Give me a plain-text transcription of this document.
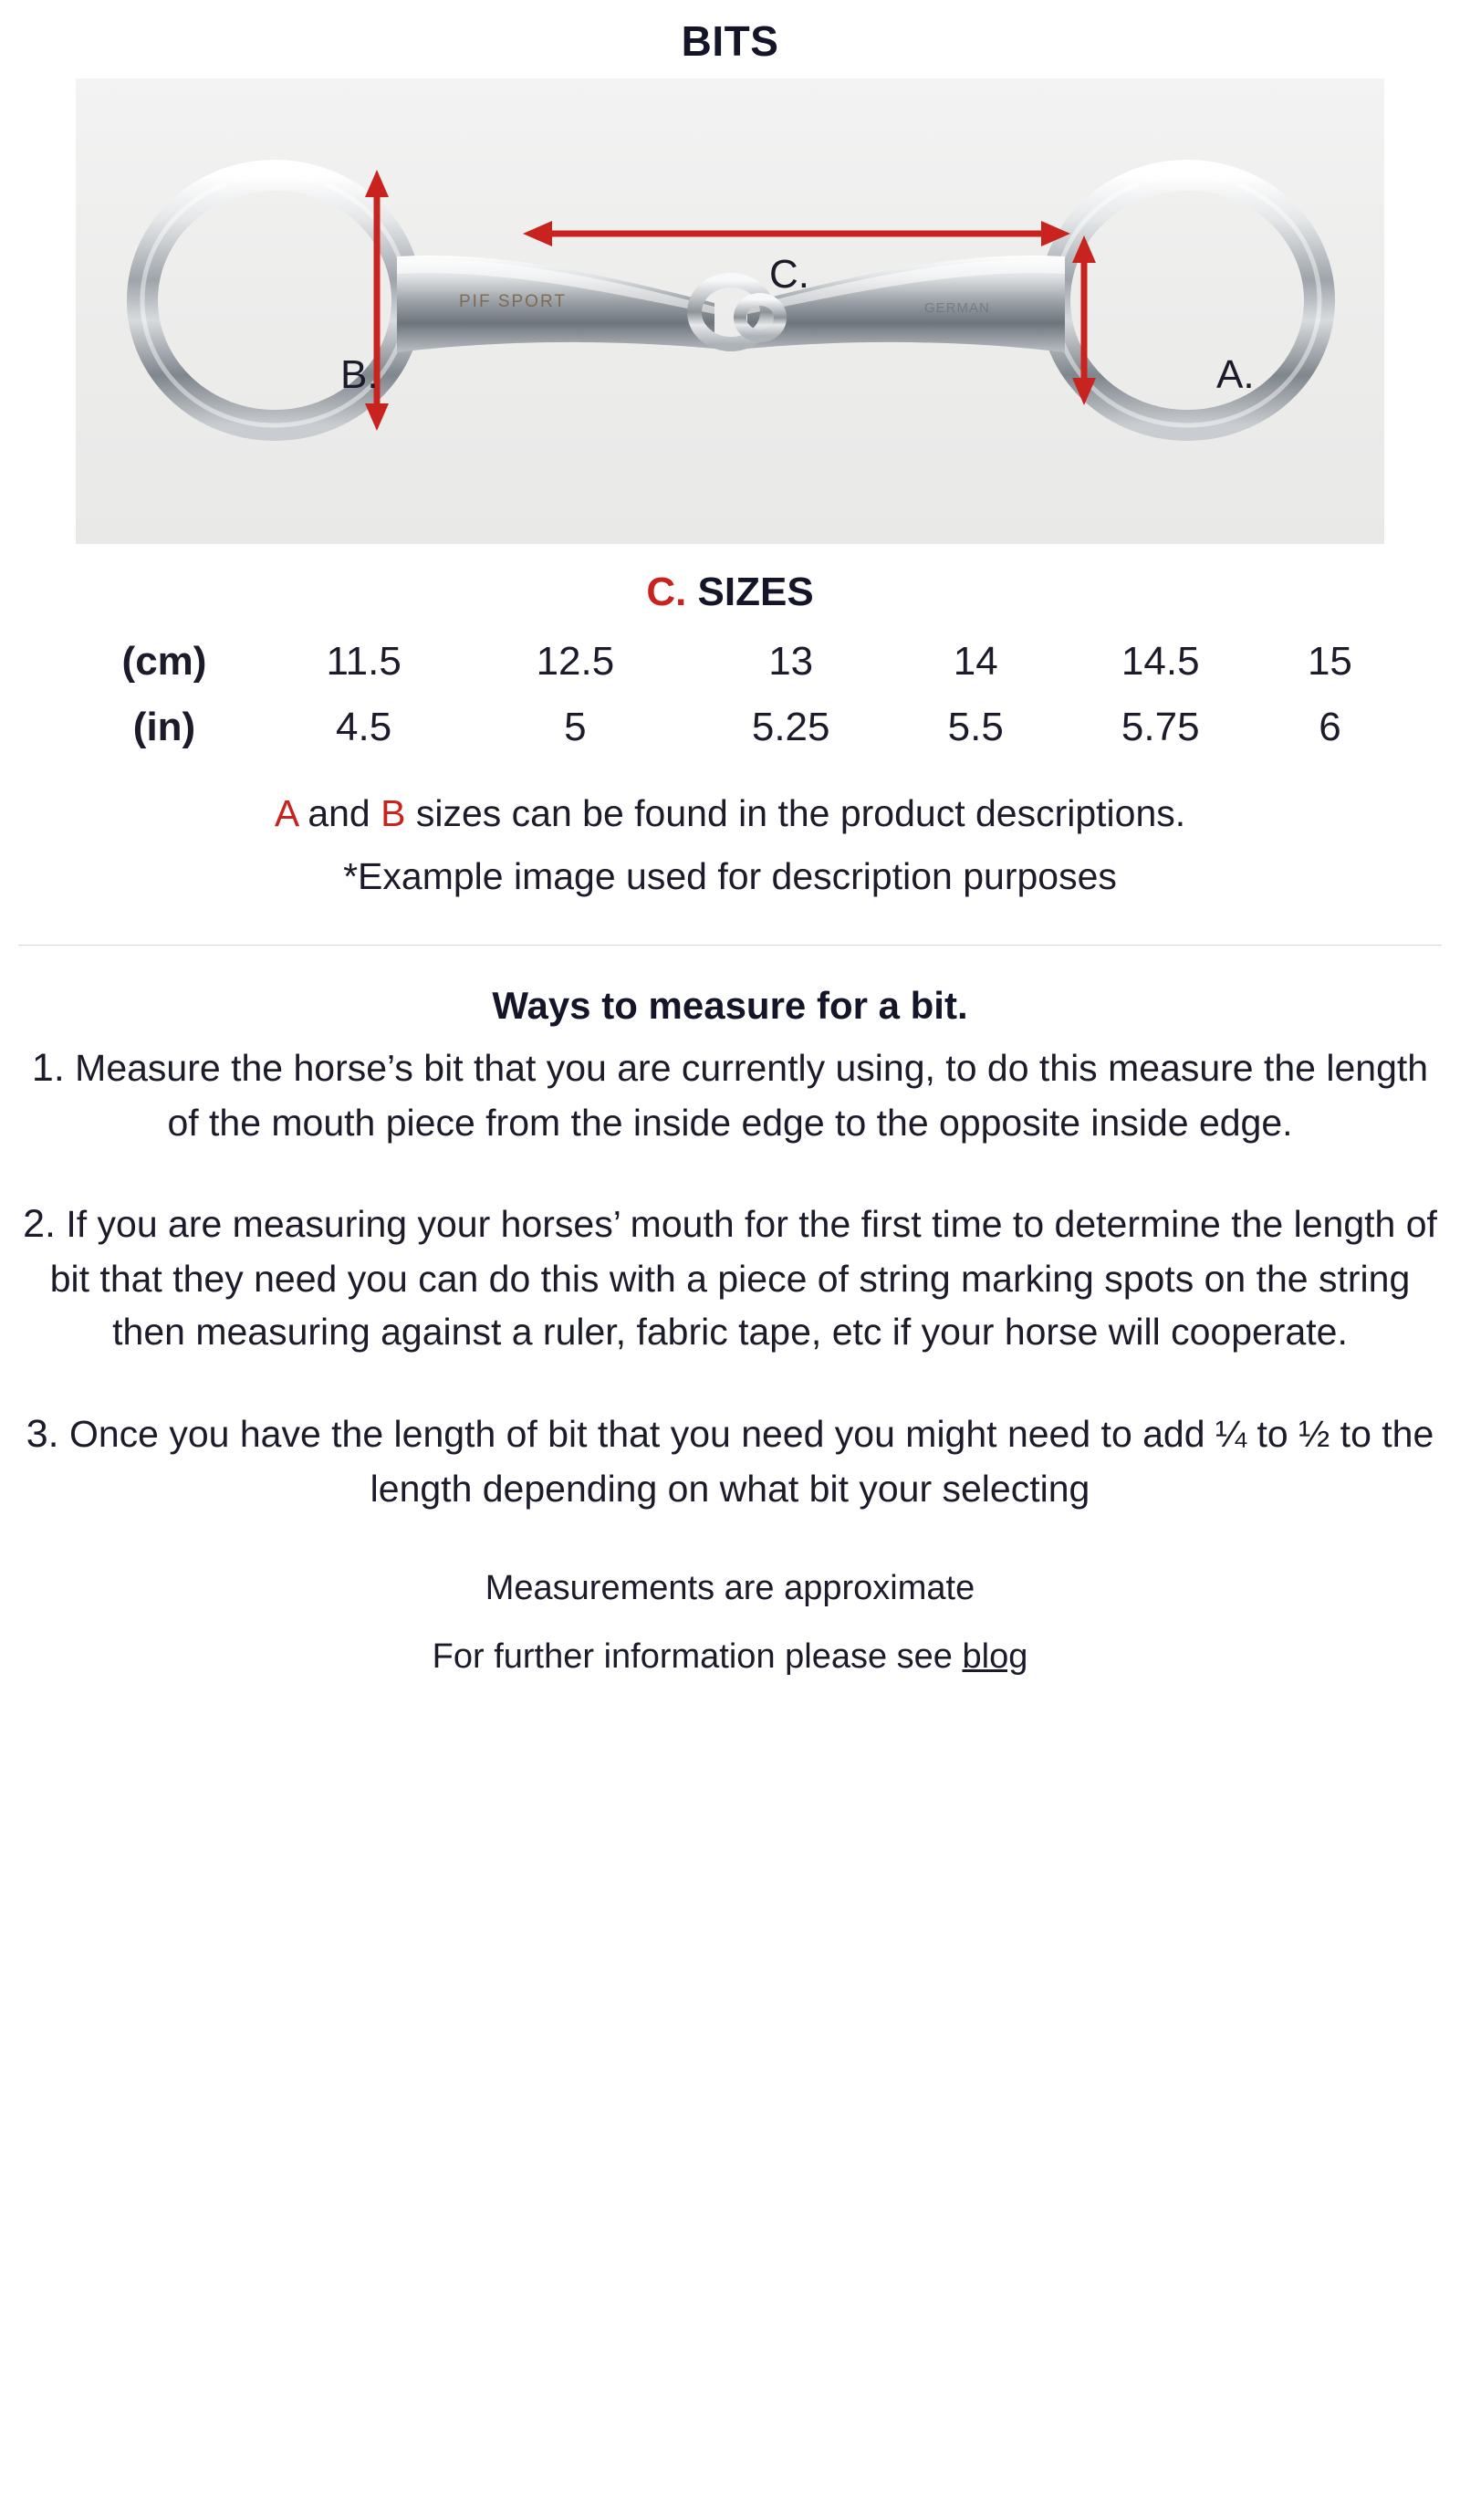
BITS
PIF SPORT	GERMAN
B.	A.
C.
C. SIZES
(cm)	11.5	12.5	13	14	14.5	15
(in)	4.5	5	5.25	5.5	5.75	6
A and B sizes can be found in the product descriptions.
*Example image used for description purposes
Ways to measure for a bit.
1. Measure the horse’s bit that you are currently using, to do this measure the length of the mouth piece from the inside edge to the opposite inside edge.
2. If you are measuring your horses’ mouth for the first time to determine the length of bit that they need you can do this with a piece of string marking spots on the string then measuring against a ruler, fabric tape, etc if your horse will cooperate.
3. Once you have the length of bit that you need you might need to add ¼ to ½ to the length depending on what bit your selecting
Measurements are approximate
For further information please see blog
